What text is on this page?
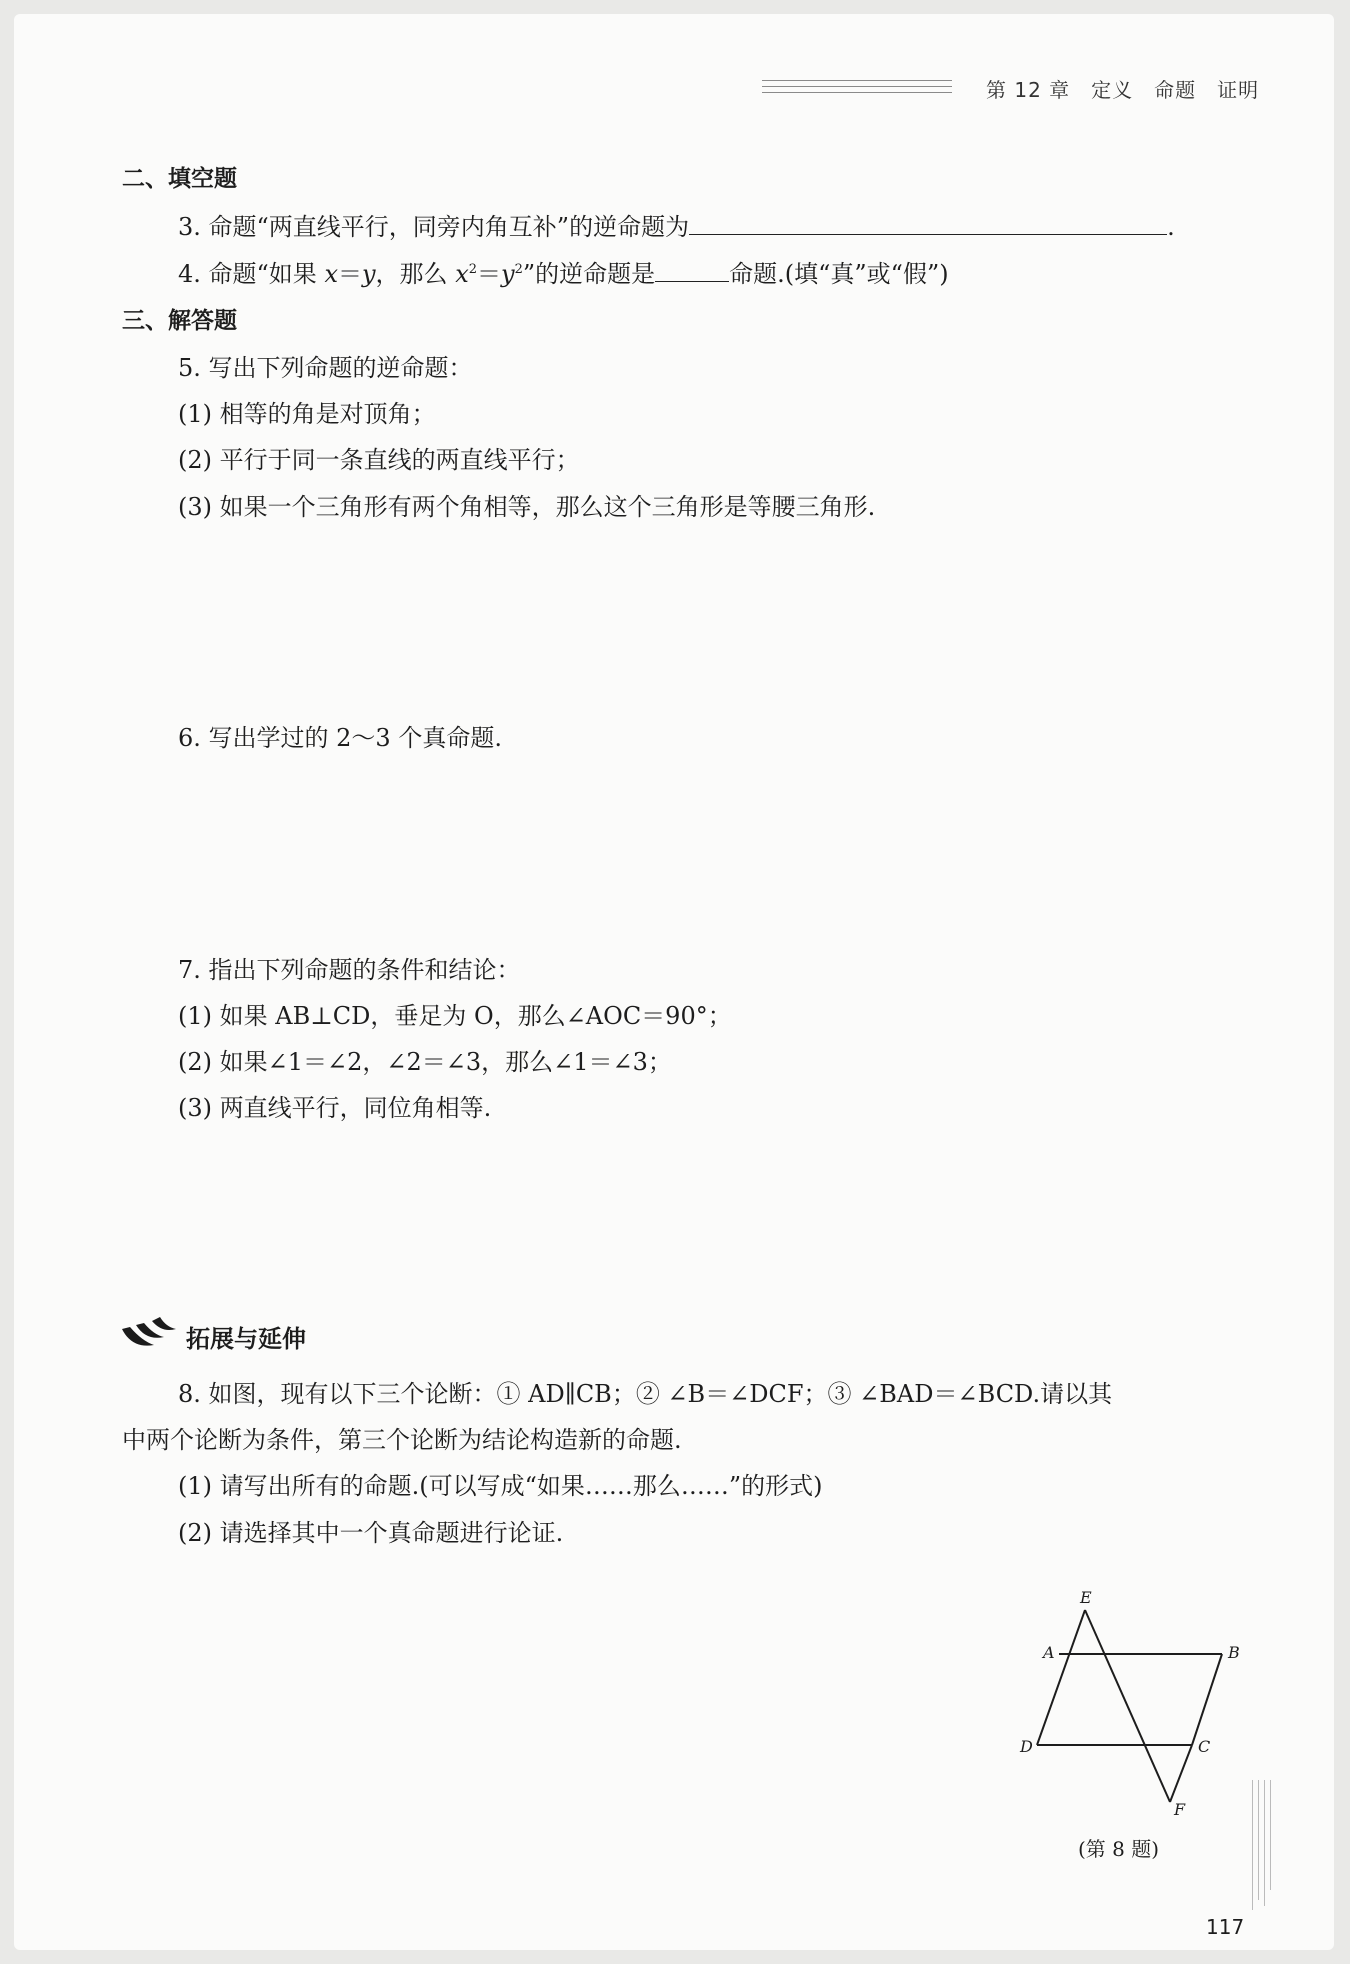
第 12 章　定义　命题　证明
二、填空题
3. 命题“两直线平行，同旁内角互补”的逆命题为	.
4. 命题“如果 x＝y，那么 $x^2=y^2$”的逆命题是	命题.(填“真”或“假”)
三、解答题
5. 写出下列命题的逆命题：
(1) 相等的角是对顶角；
(2) 平行于同一条直线的两直线平行；
(3) 如果一个三角形有两个角相等，那么这个三角形是等腰三角形.
6. 写出学过的 2～3 个真命题.
7. 指出下列命题的条件和结论：
(1) 如果 AB⊥CD，垂足为 O，那么∠AOC＝90°；
(2) 如果∠1＝∠2，∠2＝∠3，那么∠1＝∠3；
(3) 两直线平行，同位角相等.
拓展与延伸
8. 如图，现有以下三个论断：① AD∥CB；② ∠B＝∠DCF；③ ∠BAD＝∠BCD.请以其
中两个论断为条件，第三个论断为结论构造新的命题.
(1) 请写出所有的命题.(可以写成“如果……那么……”的形式)
(2) 请选择其中一个真命题进行论证.
E
A	B
D	C
F
(第 8 题)
117
